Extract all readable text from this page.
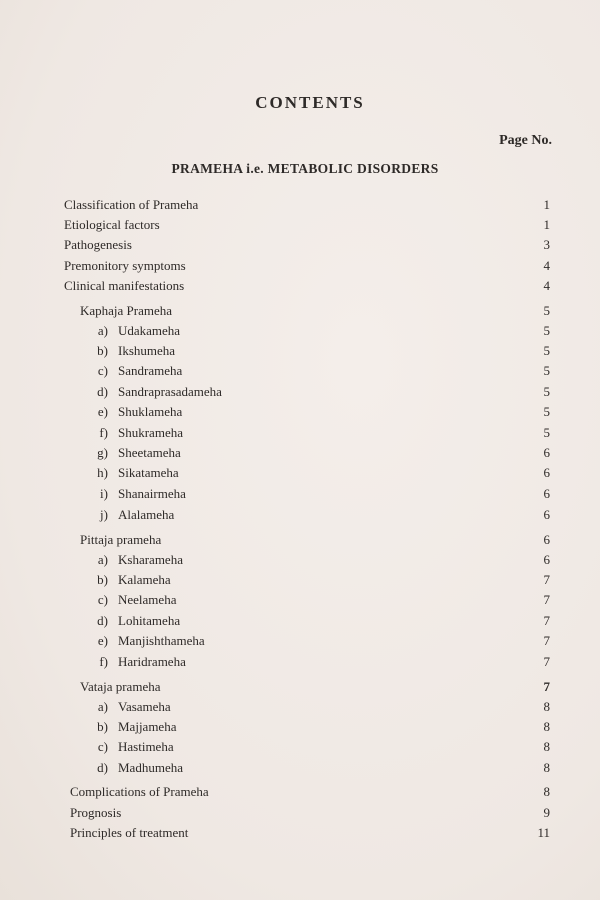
CONTENTS
Page No.
PRAMEHA i.e. METABOLIC DISORDERS
Classification of Prameha	1
Etiological factors	1
Pathogenesis	3
Premonitory symptoms	4
Clinical manifestations	4
Kaphaja Prameha	5
a) Udakameha	5
b) Ikshumeha	5
c) Sandrameha	5
d) Sandraprasadameha	5
e) Shuklameha	5
f) Shukrameha	5
g) Sheetameha	6
h) Sikatameha	6
i) Shanairmeha	6
j) Alalameha	6
Pittaja prameha	6
a) Ksharameha	6
b) Kalameha	7
c) Neelameha	7
d) Lohitameha	7
e) Manjishthameha	7
f) Haridrameha	7
Vataja prameha	7
a) Vasameha	8
b) Majjameha	8
c) Hastimeha	8
d) Madhumeha	8
Complications of Prameha	8
Prognosis	9
Principles of treatment	11
